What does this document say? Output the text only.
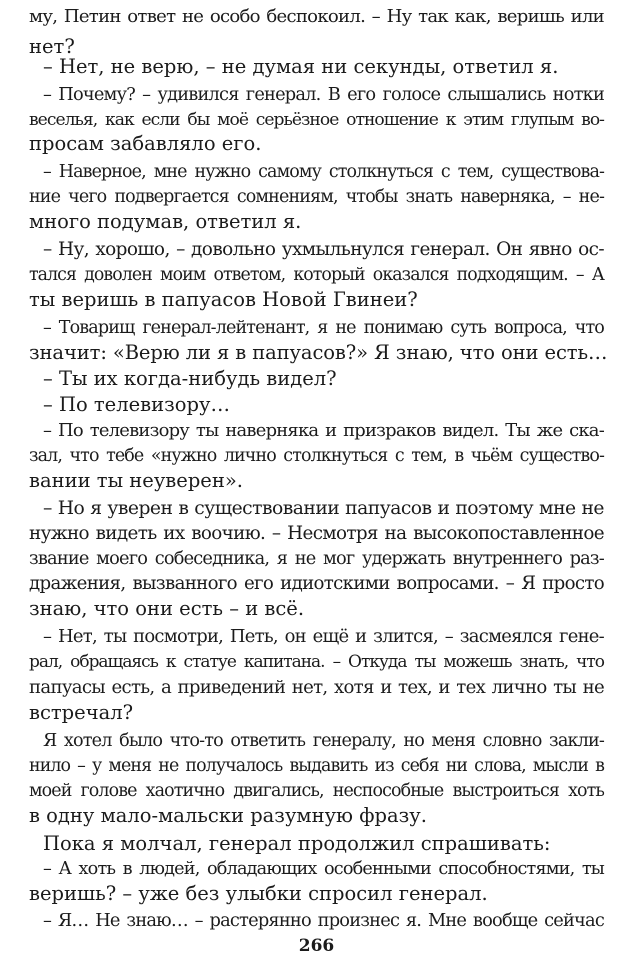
му, Петин ответ не особо беспокоил. – Ну так как, веришь или
нет?
– Нет, не верю, – не думая ни секунды, ответил я.
– Почему? – удивился генерал. В его голосе слышались нотки
веселья, как если бы моё серьёзное отношение к этим глупым во-
просам забавляло его.
– Наверное, мне нужно самому столкнуться с тем, существова-
ние чего подвергается сомнениям, чтобы знать наверняка, – не-
много подумав, ответил я.
– Ну, хорошо, – довольно ухмыльнулся генерал. Он явно ос-
тался доволен моим ответом, который оказался подходящим. – А
ты веришь в папуасов Новой Гвинеи?
– Товарищ генерал-лейтенант, я не понимаю суть вопроса, что
значит: «Верю ли я в папуасов?» Я знаю, что они есть…
– Ты их когда-нибудь видел?
– По телевизору…
– По телевизору ты наверняка и призраков видел. Ты же ска-
зал, что тебе «нужно лично столкнуться с тем, в чьём существо-
вании ты неуверен».
– Но я уверен в существовании папуасов и поэтому мне не
нужно видеть их воочию. – Несмотря на высокопоставленное
звание моего собеседника, я не мог удержать внутреннего раз-
дражения, вызванного его идиотскими вопросами. – Я просто
знаю, что они есть – и всё.
– Нет, ты посмотри, Петь, он ещё и злится, – засмеялся гене-
рал, обращаясь к статуе капитана. – Откуда ты можешь знать, что
папуасы есть, а приведений нет, хотя и тех, и тех лично ты не
встречал?
Я хотел было что-то ответить генералу, но меня словно закли-
нило – у меня не получалось выдавить из себя ни слова, мысли в
моей голове хаотично двигались, неспособные выстроиться хоть
в одну мало-мальски разумную фразу.
Пока я молчал, генерал продолжил спрашивать:
– А хоть в людей, обладающих особенными способностями, ты
веришь? – уже без улыбки спросил генерал.
– Я… Не знаю… – растерянно произнес я. Мне вообще сейчас
266
